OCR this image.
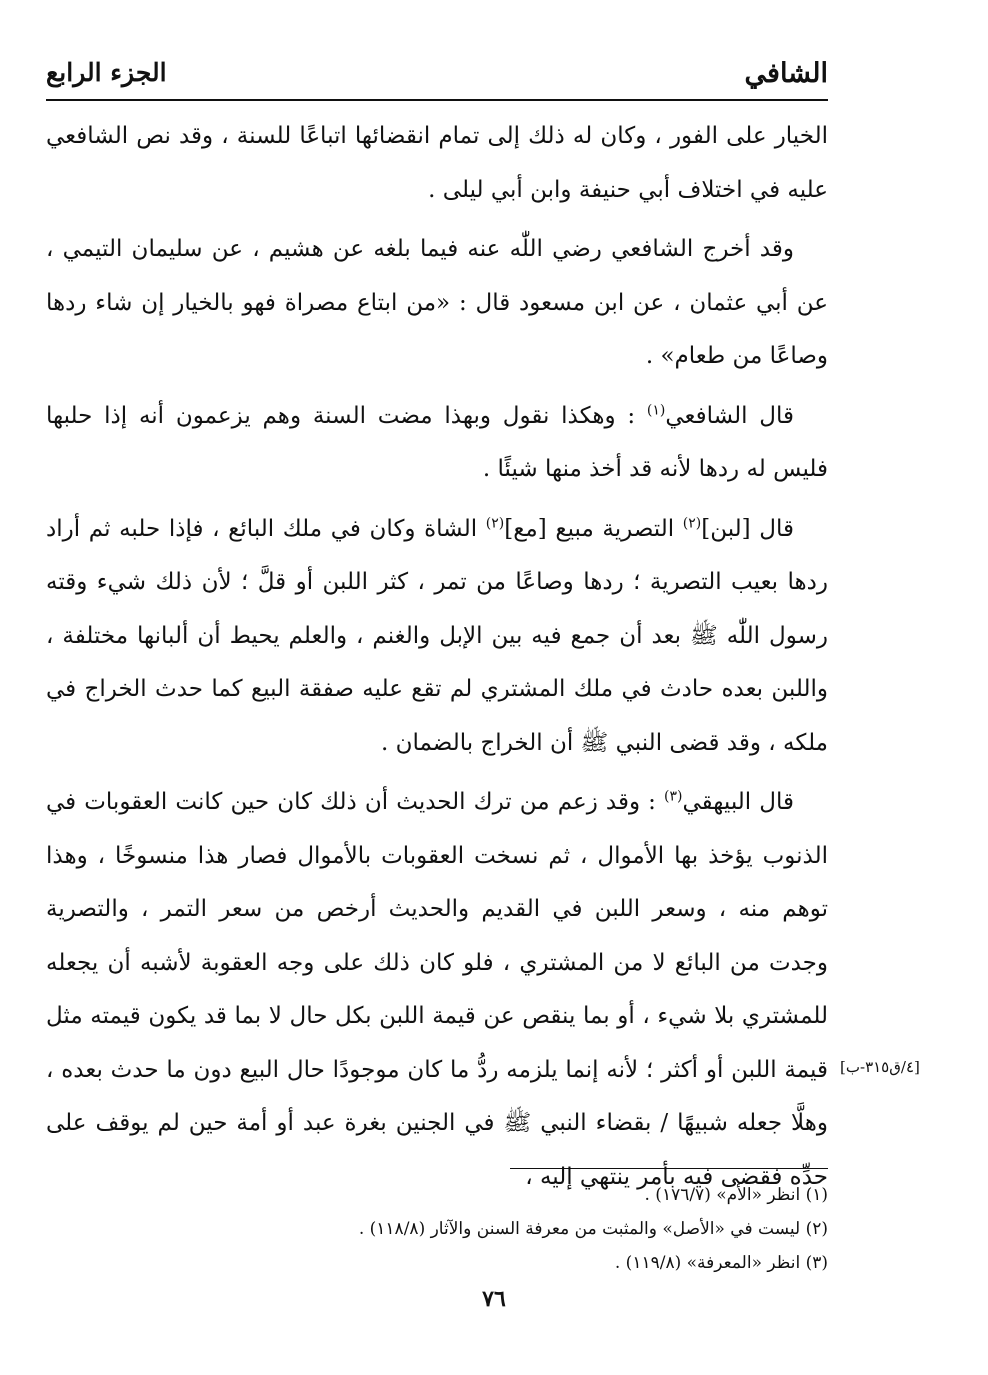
الشافي
الجزء الرابع

الخيار على الفور ، وكان له ذلك إلى تمام انقضائها اتباعًا للسنة ، وقد نص الشافعي عليه في اختلاف أبي حنيفة وابن أبي ليلى .

وقد أخرج الشافعي رضي اللّٰه عنه فيما بلغه عن هشيم ، عن سليمان التيمي ، عن أبي عثمان ، عن ابن مسعود قال : «من ابتاع مصراة فهو بالخيار إن شاء ردها وصاعًا من طعام» .

قال الشافعي$^{(١)}$ : وهكذا نقول وبهذا مضت السنة وهم يزعمون أنه إذا حلبها فليس له ردها لأنه قد أخذ منها شيئًا .

قال [لبن]$^{(٢)}$ التصرية مبيع [مع]$^{(٢)}$ الشاة وكان في ملك البائع ، فإذا حلبه ثم أراد ردها بعيب التصرية ؛ ردها وصاعًا من تمر ، كثر اللبن أو قلَّ ؛ لأن ذلك شيء وقته رسول اللّٰه ﷺ بعد أن جمع فيه بين الإبل والغنم ، والعلم يحيط أن ألبانها مختلفة ، واللبن بعده حادث في ملك المشتري لم تقع عليه صفقة البيع كما حدث الخراج في ملكه ، وقد قضى النبي ﷺ أن الخراج بالضمان .

قال البيهقي$^{(٣)}$ : وقد زعم من ترك الحديث أن ذلك كان حين كانت العقوبات في الذنوب يؤخذ بها الأموال ، ثم نسخت العقوبات بالأموال فصار هذا منسوخًا ، وهذا توهم منه ، وسعر اللبن في القديم والحديث أرخص من سعر التمر ، والتصرية وجدت من البائع لا من المشتري ، فلو كان ذلك على وجه العقوبة لأشبه أن يجعله للمشتري بلا شيء ، أو بما ينقص عن قيمة اللبن بكل حال لا بما قد يكون قيمته مثل قيمة اللبن أو أكثر ؛ لأنه إنما يلزمه ردُّ ما كان موجودًا حال البيع دون ما حدث بعده ، وهلَّا جعله شبيهًا / بقضاء النبي ﷺ في الجنين بغرة عبد أو أمة حين لم يوقف على حدِّه فقضى فيه بأمر ينتهي إليه ،

[٤/ق٣١٥-ب]

(١) انظر «الأم» (١٧٦/٧) .

(٢) ليست في «الأصل» والمثبت من معرفة السنن والآثار (١١٨/٨) .

(٣) انظر «المعرفة» (١١٩/٨) .

٧٦
